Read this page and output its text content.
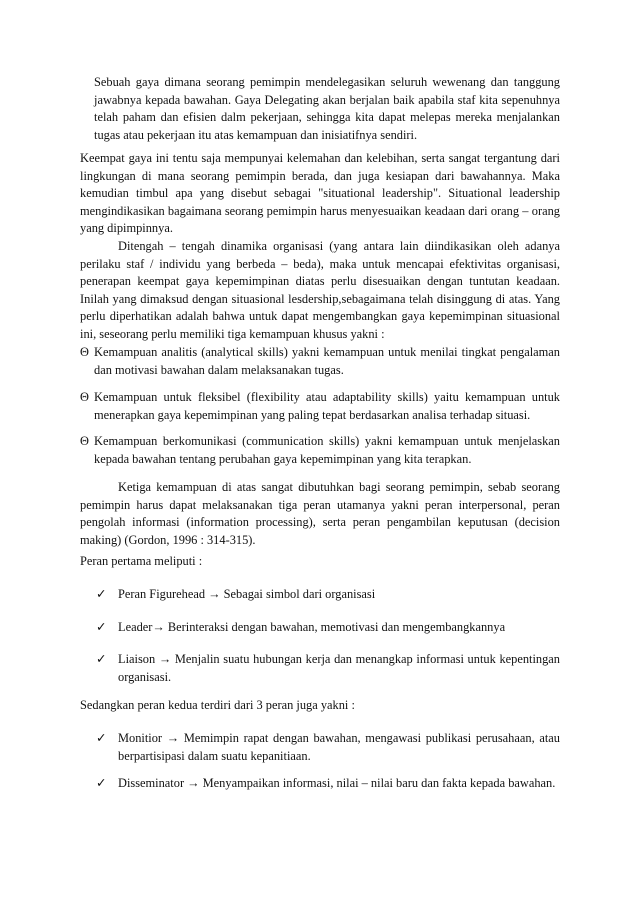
Sebuah gaya dimana seorang pemimpin mendelegasikan seluruh wewenang dan tanggung jawabnya kepada bawahan. Gaya Delegating akan berjalan baik apabila staf kita sepenuhnya telah paham dan efisien dalm pekerjaan, sehingga kita dapat melepas mereka menjalankan tugas atau pekerjaan itu atas kemampuan dan inisiatifnya sendiri.

Keempat gaya ini tentu saja mempunyai kelemahan dan kelebihan, serta sangat tergantung dari lingkungan di mana seorang pemimpin berada, dan juga kesiapan dari bawahannya. Maka kemudian timbul apa yang disebut sebagai "situational leadership". Situational leadership mengindikasikan bagaimana seorang pemimpin harus menyesuaikan keadaan dari orang – orang yang dipimpinnya.

Ditengah – tengah dinamika organisasi (yang antara lain diindikasikan oleh adanya perilaku staf / individu yang berbeda – beda), maka untuk mencapai efektivitas organisasi, penerapan keempat gaya kepemimpinan diatas perlu disesuaikan dengan tuntutan keadaan. Inilah yang dimaksud dengan situasional lesdership,sebagaimana telah disinggung di atas. Yang perlu diperhatikan adalah bahwa untuk dapat mengembangkan gaya kepemimpinan situasional ini, seseorang perlu memiliki tiga kemampuan khusus yakni :

Θ Kemampuan analitis (analytical skills) yakni kemampuan untuk menilai tingkat pengalaman dan motivasi bawahan dalam melaksanakan tugas.

Θ Kemampuan untuk fleksibel (flexibility atau adaptability skills) yaitu kemampuan untuk menerapkan gaya kepemimpinan yang paling tepat berdasarkan analisa terhadap situasi.

Θ Kemampuan berkomunikasi (communication skills) yakni kemampuan untuk menjelaskan kepada bawahan tentang perubahan gaya kepemimpinan yang kita terapkan.

Ketiga kemampuan di atas sangat dibutuhkan bagi seorang pemimpin, sebab seorang pemimpin harus dapat melaksanakan tiga peran utamanya yakni peran interpersonal, peran pengolah informasi (information processing), serta peran pengambilan keputusan (decision making) (Gordon, 1996 : 314-315).

Peran pertama meliputi :

✓ Peran Figurehead → Sebagai simbol dari organisasi

✓ Leader→ Berinteraksi dengan bawahan, memotivasi dan mengembangkannya

✓ Liaison → Menjalin suatu hubungan kerja dan menangkap informasi untuk kepentingan organisasi.

Sedangkan peran kedua terdiri dari 3 peran juga yakni :

✓ Monitior → Memimpin rapat dengan bawahan, mengawasi publikasi perusahaan, atau berpartisipasi dalam suatu kepanitiaan.

✓ Disseminator → Menyampaikan informasi, nilai – nilai baru dan fakta kepada bawahan.
